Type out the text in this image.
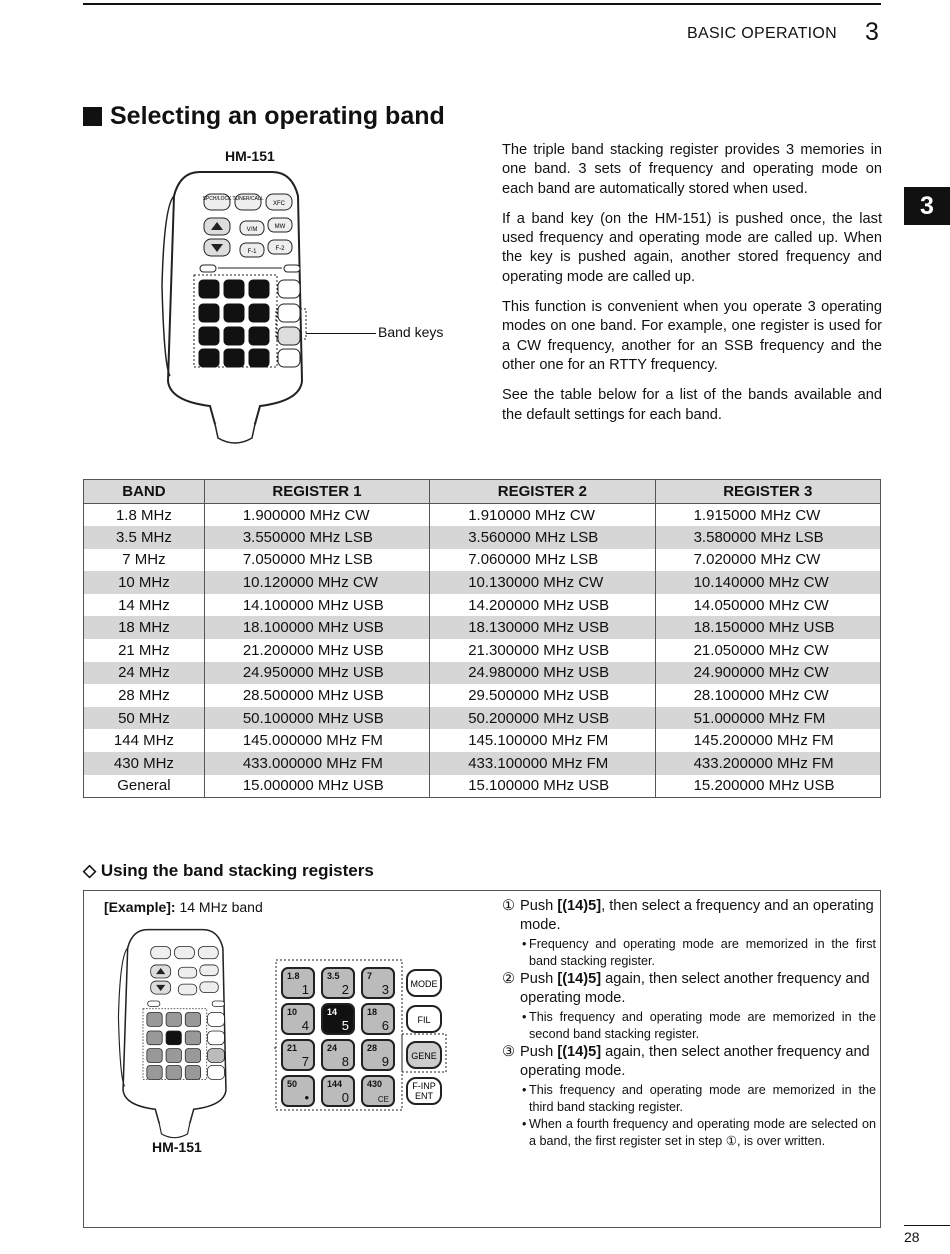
BASIC OPERATION 3
3
Selecting an operating band
HM-151
SPCH/LOCK TUNER/CALL
XFC
V/M	MW
F-1	F-2
Band keys

The triple band stacking register provides 3 memories in one band. 3 sets of frequency and operating mode on each band are automatically stored when used.

If a band key (on the HM-151) is pushed once, the last used frequency and operating mode are called up. When the key is pushed again, another stored frequency and operating mode are called up.

This function is convenient when you operate 3 operating modes on one band. For example, one register is used for a CW frequency, another for an SSB frequency and the other one for an RTTY frequency.

See the table below for a list of the bands available and the default settings for each band.

BAND	REGISTER 1	REGISTER 2	REGISTER 3
1.8 MHz	1.900000 MHz CW	1.910000 MHz CW	1.915000 MHz CW
3.5 MHz	3.550000 MHz LSB	3.560000 MHz LSB	3.580000 MHz LSB
7 MHz	7.050000 MHz LSB	7.060000 MHz LSB	7.020000 MHz CW
10 MHz	10.120000 MHz CW	10.130000 MHz CW	10.140000 MHz CW
14 MHz	14.100000 MHz USB	14.200000 MHz USB	14.050000 MHz CW
18 MHz	18.100000 MHz USB	18.130000 MHz USB	18.150000 MHz USB
21 MHz	21.200000 MHz USB	21.300000 MHz USB	21.050000 MHz CW
24 MHz	24.950000 MHz USB	24.980000 MHz USB	24.900000 MHz CW
28 MHz	28.500000 MHz USB	29.500000 MHz USB	28.100000 MHz CW
50 MHz	50.100000 MHz USB	50.200000 MHz USB	51.000000 MHz FM
144 MHz	145.000000 MHz FM	145.100000 MHz FM	145.200000 MHz FM
430 MHz	433.000000 MHz FM	433.100000 MHz FM	433.200000 MHz FM
General	15.000000 MHz USB	15.100000 MHz USB	15.200000 MHz USB
◇ Using the band stacking registers
[Example]: 14 MHz band
HM-151
1.8
1
3.5
2
7
3 MODE
10
4
14
5
18
6	FIL
21
7
24
8
28
9 GENE
50
•
144
0
430
CE
F-INP
ENT
① Push [(14)5], then select a frequency and an operating mode.
• Frequency and operating mode are memorized in the first band stacking register.
② Push [(14)5] again, then select another frequency and operating mode.
• This frequency and operating mode are memorized in the second band stacking register.
③ Push [(14)5] again, then select another frequency and operating mode.
• This frequency and operating mode are memorized in the third band stacking register.
• When a fourth frequency and operating mode are selected on a band, the first register set in step ①, is over written.
28
